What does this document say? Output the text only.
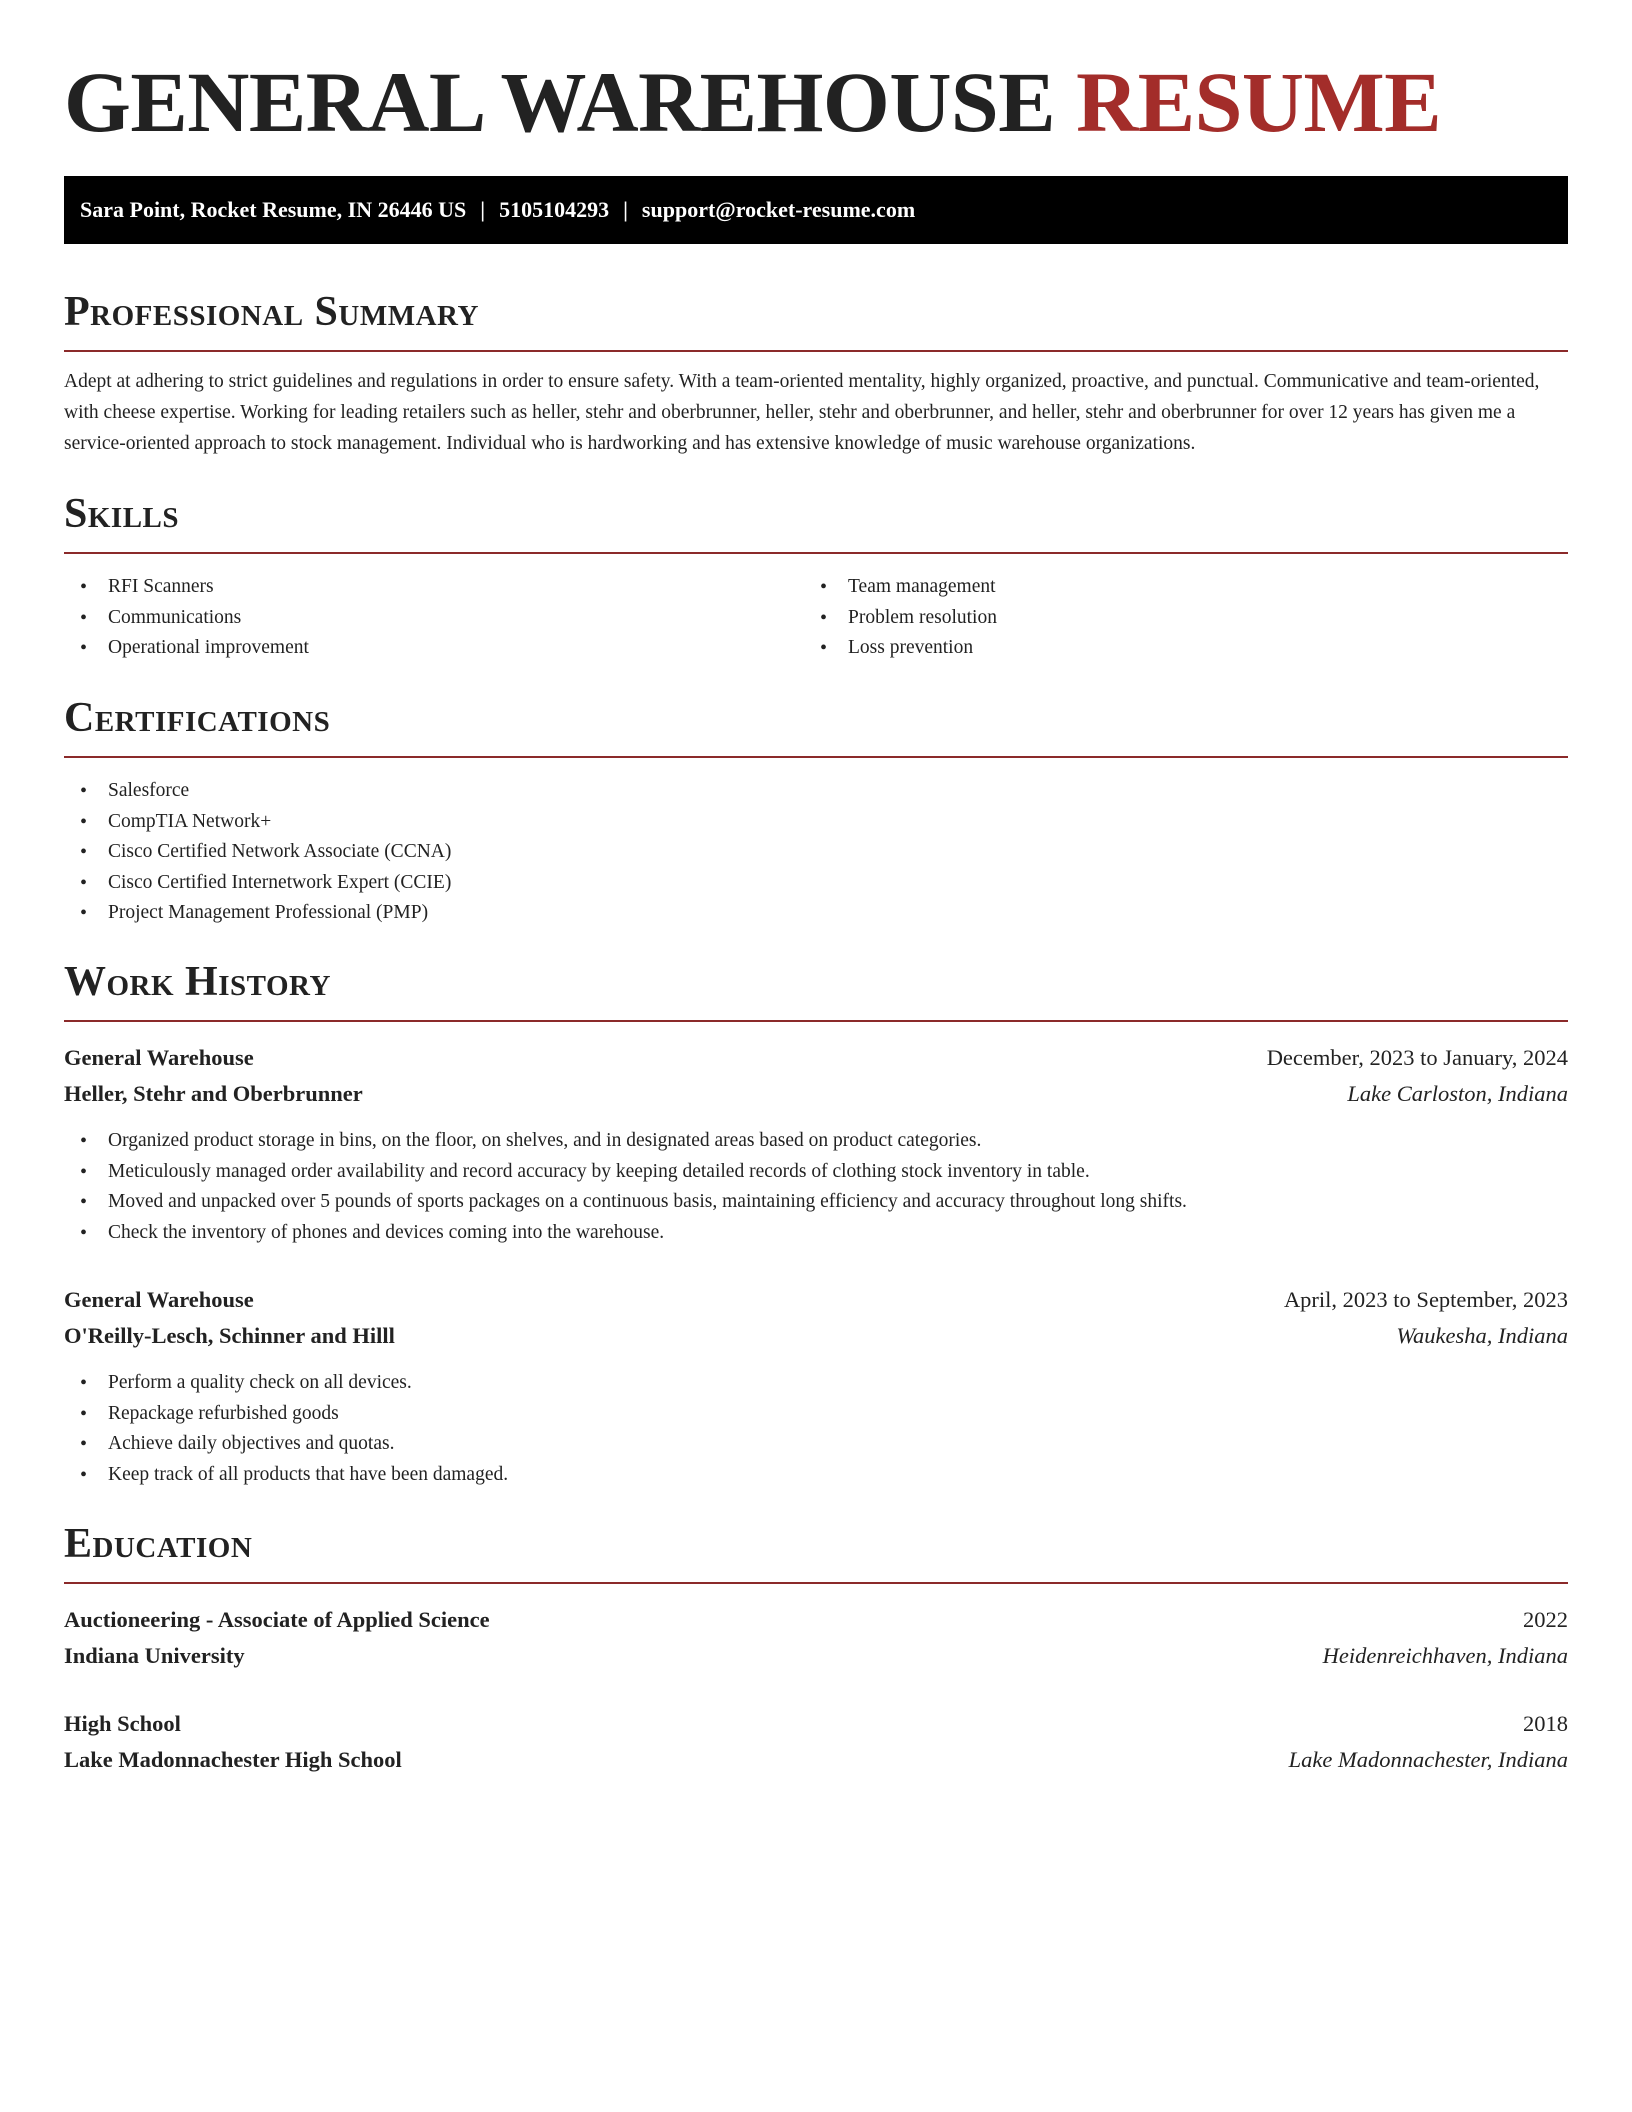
GENERAL WAREHOUSE RESUME
Sara Point, Rocket Resume, IN 26446 US | 5105104293 | support@rocket-resume.com
Professional Summary

Adept at adhering to strict guidelines and regulations in order to ensure safety. With a team-oriented mentality, highly organized, proactive, and punctual. Communicative and team-oriented, with cheese expertise. Working for leading retailers such as heller, stehr and oberbrunner, heller, stehr and oberbrunner, and heller, stehr and oberbrunner for over 12 years has given me a service-oriented approach to stock management. Individual who is hardworking and has extensive knowledge of music warehouse organizations.

Skills
• RFI Scanners
• Communications
• Operational improvement
• Team management
• Problem resolution
• Loss prevention
Certifications
• Salesforce
• CompTIA Network+
• Cisco Certified Network Associate (CCNA)
• Cisco Certified Internetwork Expert (CCIE)
• Project Management Professional (PMP)
Work History
General Warehouse	December, 2023 to January, 2024
Heller, Stehr and Oberbrunner	Lake Carloston, Indiana
• Organized product storage in bins, on the floor, on shelves, and in designated areas based on product categories.
• Meticulously managed order availability and record accuracy by keeping detailed records of clothing stock inventory in table.
• Moved and unpacked over 5 pounds of sports packages on a continuous basis, maintaining efficiency and accuracy throughout long shifts.
• Check the inventory of phones and devices coming into the warehouse.
General Warehouse	April, 2023 to September, 2023
O'Reilly-Lesch, Schinner and Hilll	Waukesha, Indiana
• Perform a quality check on all devices.
• Repackage refurbished goods
• Achieve daily objectives and quotas.
• Keep track of all products that have been damaged.
Education
Auctioneering - Associate of Applied Science	2022
Indiana University	Heidenreichhaven, Indiana
High School	2018
Lake Madonnachester High School	Lake Madonnachester, Indiana
